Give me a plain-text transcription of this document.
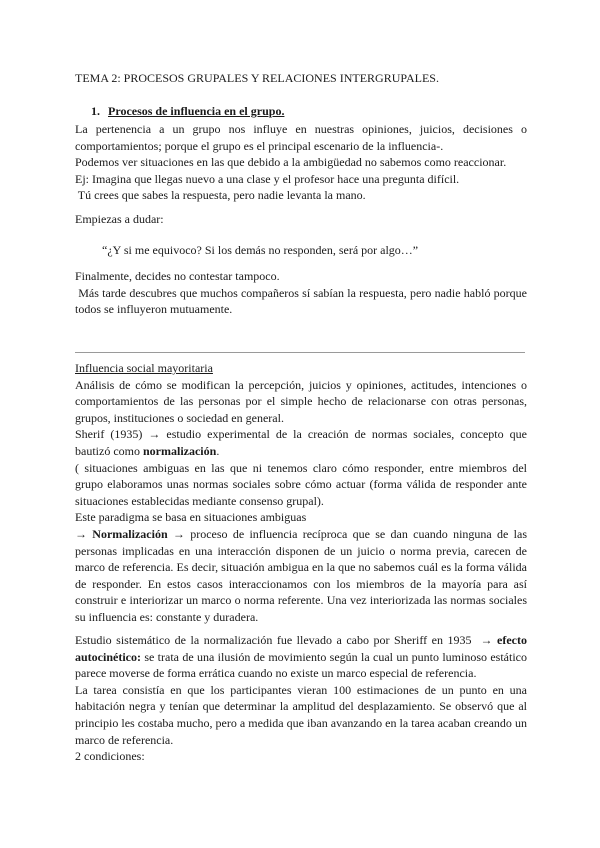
TEMA 2: PROCESOS GRUPALES Y RELACIONES INTERGRUPALES.
1. Procesos de influencia en el grupo.
La pertenencia a un grupo nos influye en nuestras opiniones, juicios, decisiones o
comportamientos; porque el grupo es el principal escenario de la influencia-.
Podemos ver situaciones en las que debido a la ambigüedad no sabemos como reaccionar.
Ej: Imagina que llegas nuevo a una clase y el profesor hace una pregunta difícil.
Tú crees que sabes la respuesta, pero nadie levanta la mano.
Empiezas a dudar:
“¿Y si me equivoco? Si los demás no responden, será por algo…”
Finalmente, decides no contestar tampoco.
Más tarde descubres que muchos compañeros sí sabían la respuesta, pero nadie habló porque
todos se influyeron mutuamente.
Influencia social mayoritaria
Análisis de cómo se modifican la percepción, juicios y opiniones, actitudes, intenciones o
comportamientos de las personas por el simple hecho de relacionarse con otras personas,
grupos, instituciones o sociedad en general.
Sherif (1935) → estudio experimental de la creación de normas sociales, concepto que
bautizó como normalización.
( situaciones ambiguas en las que ni tenemos claro cómo responder, entre miembros del
grupo elaboramos unas normas sociales sobre cómo actuar (forma válida de responder ante
situaciones establecidas mediante consenso grupal).
Este paradigma se basa en situaciones ambiguas
→ Normalización → proceso de influencia recíproca que se dan cuando ninguna de las
personas implicadas en una interacción disponen de un juicio o norma previa, carecen de
marco de referencia. Es decir, situación ambigua en la que no sabemos cuál es la forma válida
de responder. En estos casos interaccionamos con los miembros de la mayoría para así
construir e interiorizar un marco o norma referente. Una vez interiorizada las normas sociales
su influencia es: constante y duradera.
Estudio sistemático de la normalización fue llevado a cabo por Sheriff en 1935  → efecto
autocinético: se trata de una ilusión de movimiento según la cual un punto luminoso estático
parece moverse de forma errática cuando no existe un marco especial de referencia.
La tarea consistía en que los participantes vieran 100 estimaciones de un punto en una
habitación negra y tenían que determinar la amplitud del desplazamiento. Se observó que al
principio les costaba mucho, pero a medida que iban avanzando en la tarea acaban creando un
marco de referencia.
2 condiciones:
